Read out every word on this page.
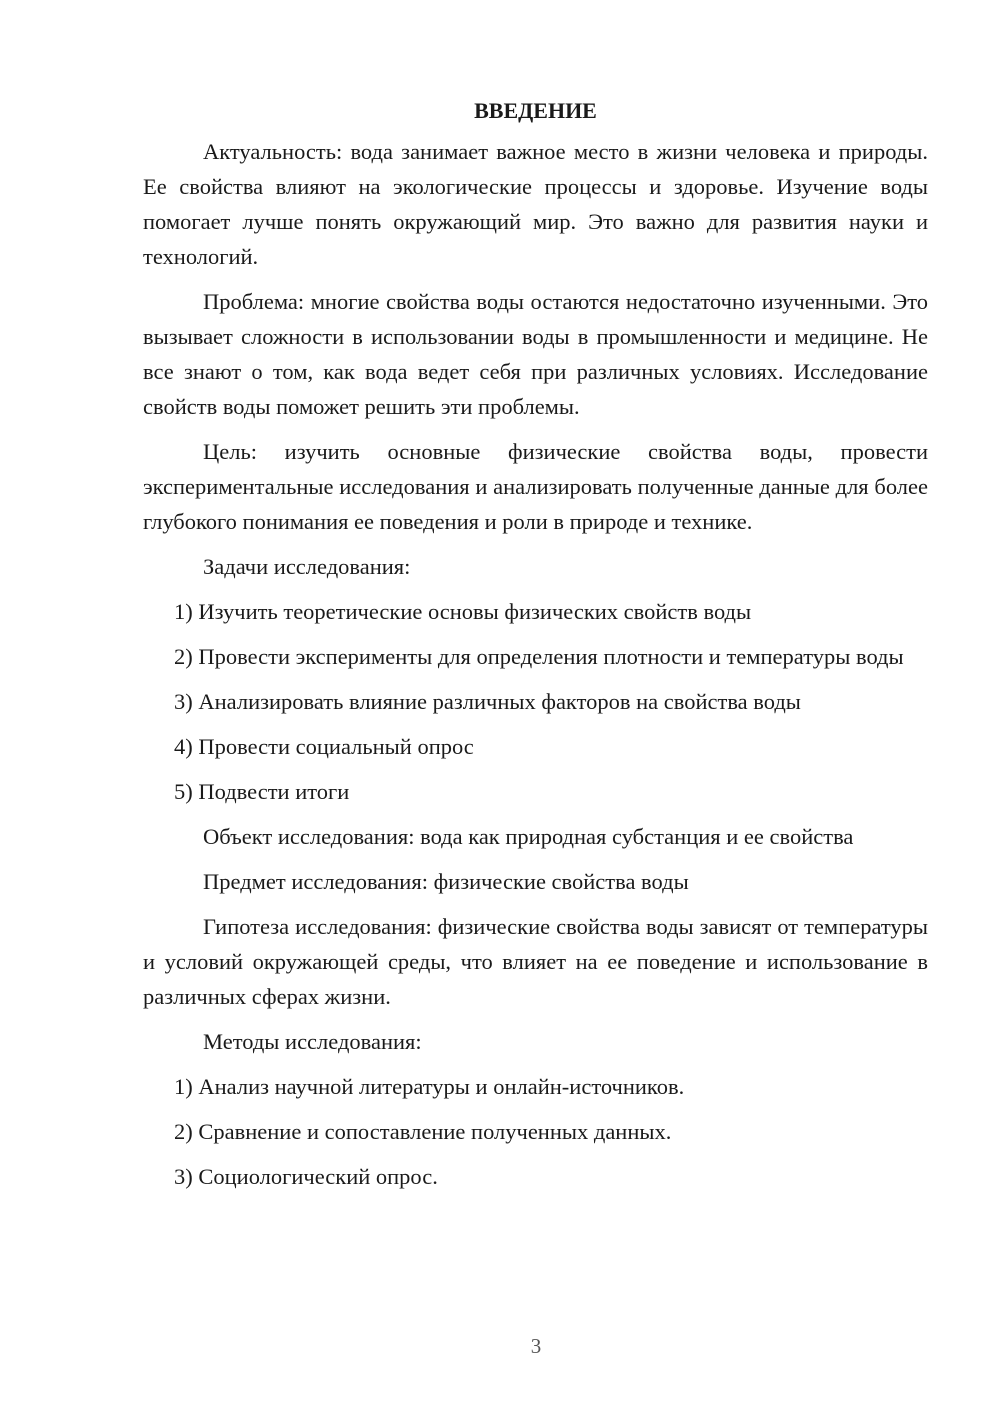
ВВЕДЕНИЕ

Актуальность: вода занимает важное место в жизни человека и природы. Ее свойства влияют на экологические процессы и здоровье. Изучение воды помогает лучше понять окружающий мир. Это важно для развития науки и технологий.

Проблема: многие свойства воды остаются недостаточно изученными. Это вызывает сложности в использовании воды в промышленности и медицине. Не все знают о том, как вода ведет себя при различных условиях. Исследование свойств воды поможет решить эти проблемы.

Цель: изучить основные физические свойства воды, провести экспериментальные исследования и анализировать полученные данные для более глубокого понимания ее поведения и роли в природе и технике.

Задачи исследования:

1) Изучить теоретические основы физических свойств воды

2) Провести эксперименты для определения плотности и температуры воды

3) Анализировать влияние различных факторов на свойства воды

4) Провести социальный опрос

5) Подвести итоги

Объект исследования: вода как природная субстанция и ее свойства

Предмет исследования: физические свойства воды

Гипотеза исследования: физические свойства воды зависят от температуры и условий окружающей среды, что влияет на ее поведение и использование в различных сферах жизни.

Методы исследования:

1) Анализ научной литературы и онлайн-источников.

2) Сравнение и сопоставление полученных данных.

3) Социологический опрос.

3
